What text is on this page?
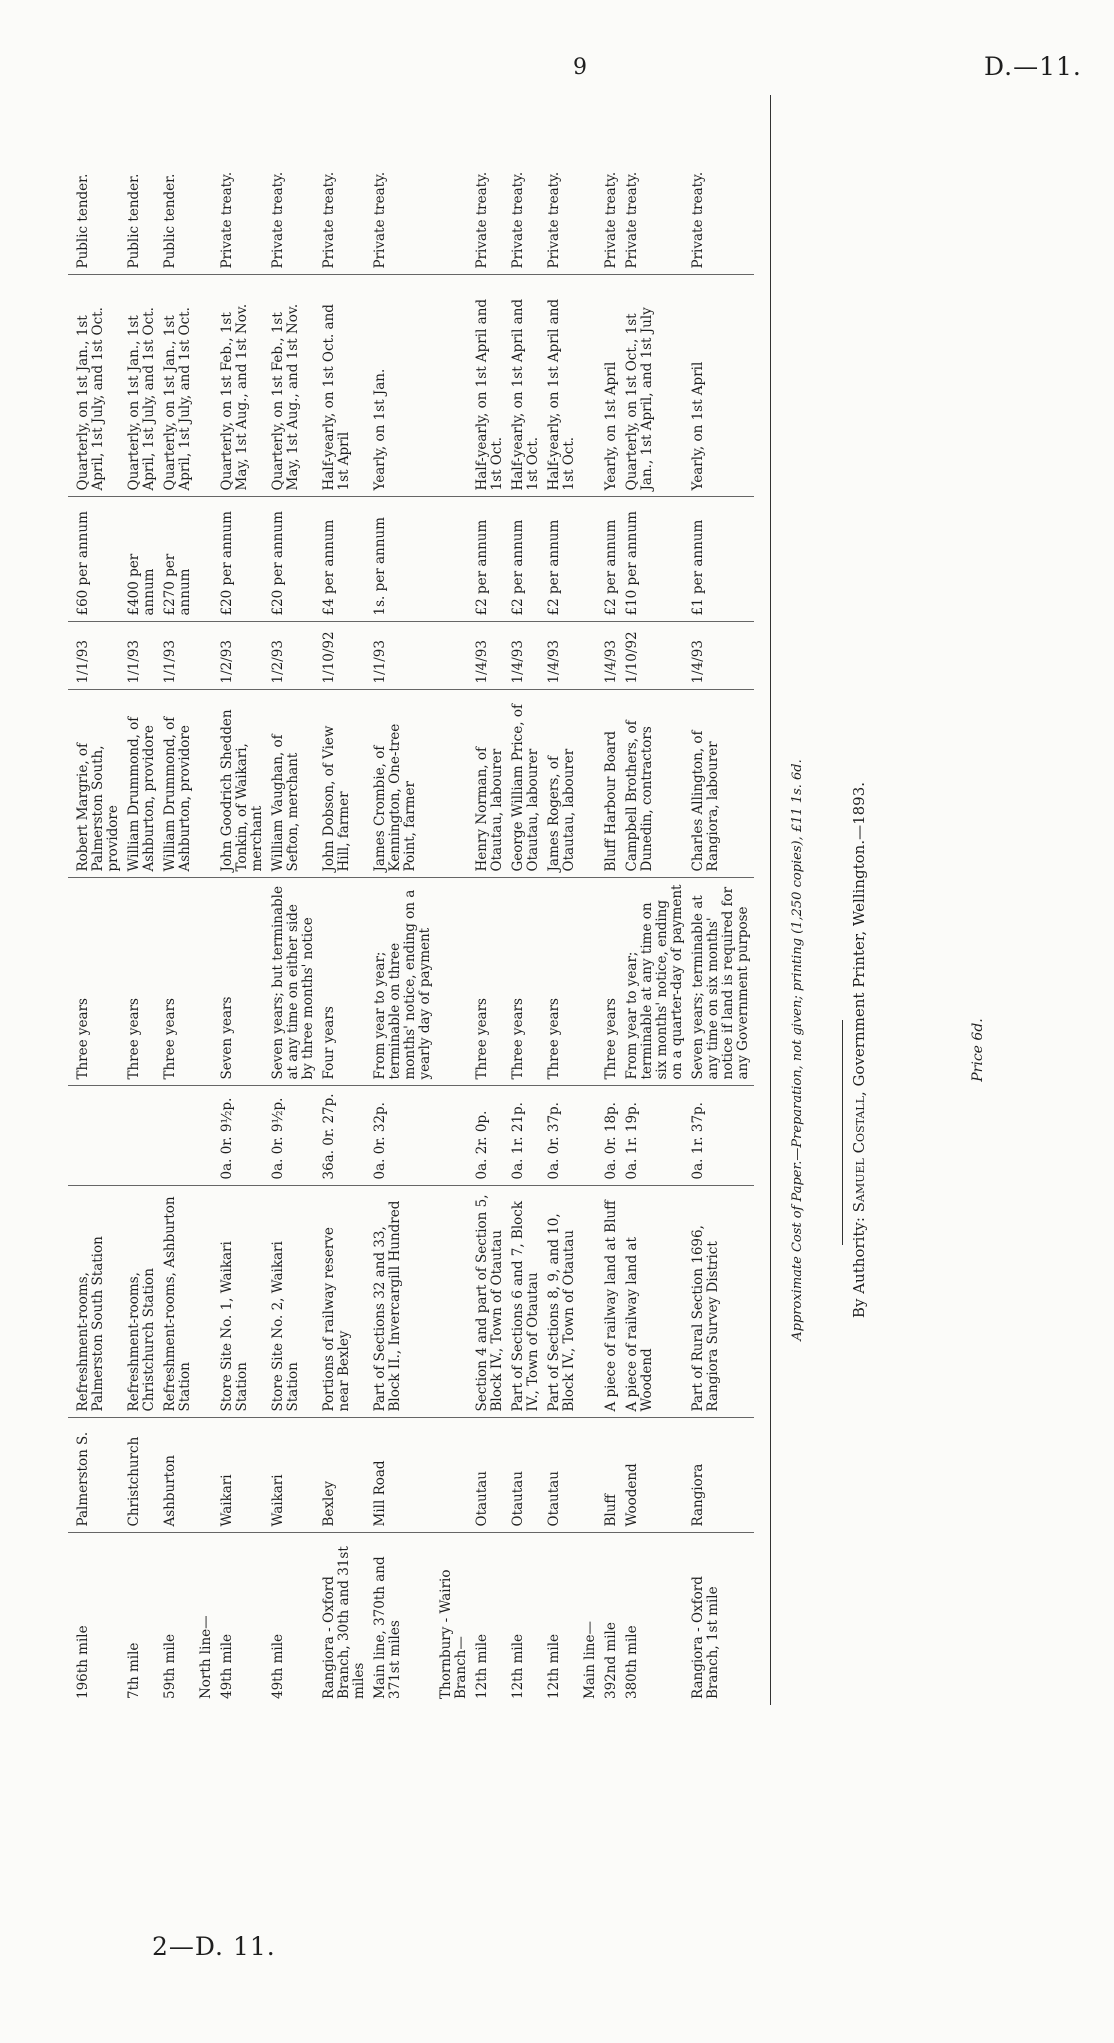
9	D.—11.
2—D. 11.
196th mile	Palmerston S.	Refreshment-rooms, Palmerston South Station		Three years	Robert Margrie, of Palmerston South, providore	1/1/93	£60 per annum	Quarterly, on 1st Jan., 1st April, 1st July, and 1st Oct.	Public tender.
7th mile	Christchurch	Refreshment-rooms, Christchurch Station		Three years	William Drummond, of Ashburton, providore	1/1/93	£400 per annum	Quarterly, on 1st Jan., 1st April, 1st July, and 1st Oct.	Public tender.
59th mile	Ashburton	Refreshment-rooms, Ashburton Station		Three years	William Drummond, of Ashburton, providore	1/1/93	£270 per annum	Quarterly, on 1st Jan., 1st April, 1st July, and 1st Oct.	Public tender.
North line—									
49th mile	Waikari	Store Site No. 1, Waikari Station	0a. 0r. 9½p.	Seven years	John Goodrich Shedden Tonkin, of Waikari, merchant	1/2/93	£20 per annum	Quarterly, on 1st Feb., 1st May, 1st Aug., and 1st Nov.	Private treaty.
49th mile	Waikari	Store Site No. 2, Waikari Station	0a. 0r. 9½p.	Seven years; but terminable at any time on either side by three months' notice	William Vaughan, of Sefton, merchant	1/2/93	£20 per annum	Quarterly, on 1st Feb., 1st May, 1st Aug., and 1st Nov.	Private treaty.
Rangiora - Oxford Branch, 30th and 31st miles	Bexley	Portions of railway reserve near Bexley	36a. 0r. 27p.	Four years	John Dobson, of View Hill, farmer	1/10/92	£4 per annum	Half-yearly, on 1st Oct. and 1st April	Private treaty.
Main line, 370th and 371st miles	Mill Road	Part of Sections 32 and 33, Block II., Invercargill Hundred	0a. 0r. 32p.	From year to year; terminable on three months' notice, ending on a yearly day of payment	James Crombie, of Kennington, One-tree Point, farmer	1/1/93	1s. per annum	Yearly, on 1st Jan.	Private treaty.
Thornbury - Wairio Branch—									
12th mile	Otautau	Section 4 and part of Section 5, Block IV., Town of Otautau	0a. 2r. 0p.	Three years	Henry Norman, of Otautau, labourer	1/4/93	£2 per annum	Half-yearly, on 1st April and 1st Oct.	Private treaty.
12th mile	Otautau	Part of Sections 6 and 7, Block IV., Town of Otautau	0a. 1r. 21p.	Three years	George William Price, of Otautau, labourer	1/4/93	£2 per annum	Half-yearly, on 1st April and 1st Oct.	Private treaty.
12th mile	Otautau	Part of Sections 8, 9, and 10, Block IV., Town of Otautau	0a. 0r. 37p.	Three years	James Rogers, of Otautau, labourer	1/4/93	£2 per annum	Half-yearly, on 1st April and 1st Oct.	Private treaty.
Main line—									
392nd mile	Bluff	A piece of railway land at Bluff	0a. 0r. 18p.	Three years	Bluff Harbour Board	1/4/93	£2 per annum	Yearly, on 1st April	Private treaty.
380th mile	Woodend	A piece of railway land at Woodend	0a. 1r. 19p.	From year to year; terminable at any time on six months' notice, ending on a quarter-day of payment	Campbell Brothers, of Dunedin, contractors	1/10/92	£10 per annum	Quarterly, on 1st Oct., 1st Jan., 1st April, and 1st July	Private treaty.
Rangiora - Oxford Branch, 1st mile	Rangiora	Part of Rural Section 1696, Rangiora Survey District	0a. 1r. 37p.	Seven years; terminable at any time on six months' notice if land is required for any Government purpose	Charles Allington, of Rangiora, labourer	1/4/93	£1 per annum	Yearly, on 1st April	Private treaty.

Approximate Cost of Paper.—Preparation, not given; printing (1,250 copies), £11 1s. 6d.	By Authority: Samuel Costall, Government Printer, Wellington.—1893.	Price 6d.
